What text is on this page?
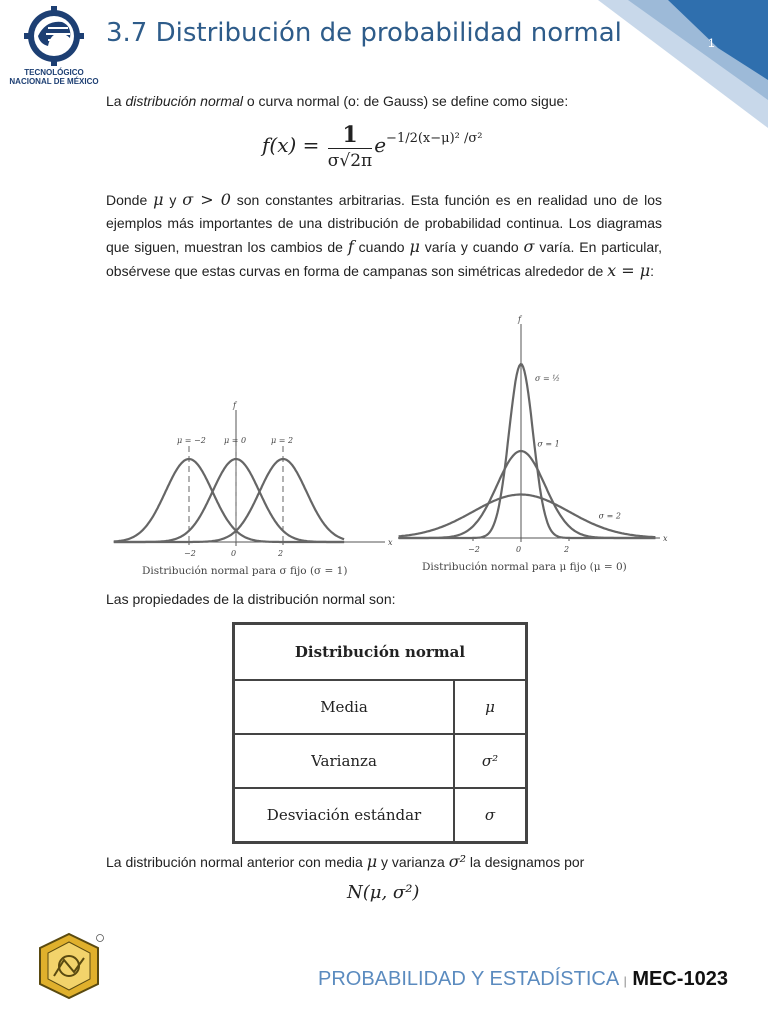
TECNOLÓGICO
NACIONAL DE MÉXICO
3.7 Distribución de probabilidad normal	1

La distribución normal o curva normal (o: de Gauss) se define como sigue:

$f(x) = \frac{1}{\sigma√2\pi} e^{-1/2(x-\mu)^2 /\sigma^2}$

Donde μ y σ > 0 son constantes arbitrarias. Esta función es en realidad uno de los ejemplos más importantes de una distribución de probabilidad continua. Los diagramas que siguen, muestran los cambios de f cuando μ varía y cuando σ varía. En particular, obsérvese que estas curvas en forma de campanas son simétricas alrededor de x = μ:

f
x
−2	0	2
μ = −2 μ = 0	μ = 2
Distribución normal para σ fijo (σ = 1)
f
x
−2	0	2
σ = ½
σ = 1
σ = 2
Distribución normal para μ fijo (μ = 0)

Las propiedades de la distribución normal son:

Distribución normal	
Media	μ
Varianza	σ²
Desviación estándar	σ

La distribución normal anterior con media μ y varianza σ² la designamos por

N(μ, σ²)
PROBABILIDAD Y ESTADÍSTICA | MEC-1023
